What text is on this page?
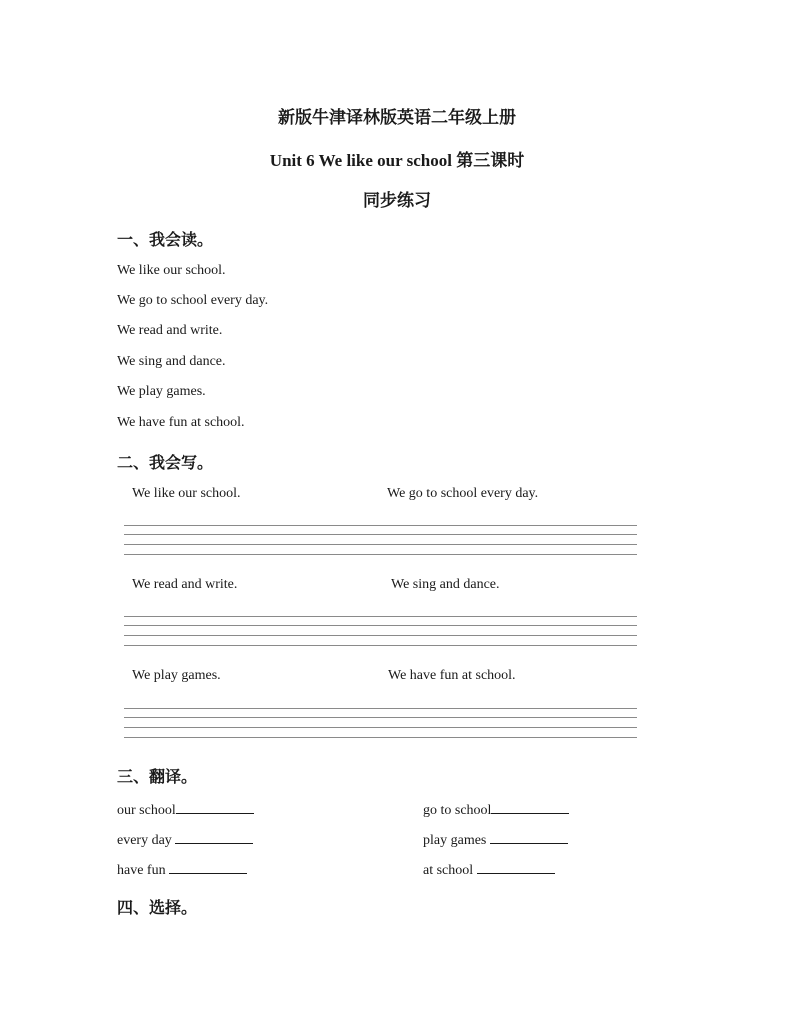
新版牛津译林版英语二年级上册
Unit 6 We like our school 第三课时
同步练习
一、我会读。
We like our school.
We go to school every day.
We read and write.
We sing and dance.
We play games.
We have fun at school.
二、我会写。
We like our school.	We go to school every day.
We read and write.	We sing and dance.
We play games.	We have fun at school.
三、翻译。
our school	go to school
every day	play games
have fun	at school
四、选择。
